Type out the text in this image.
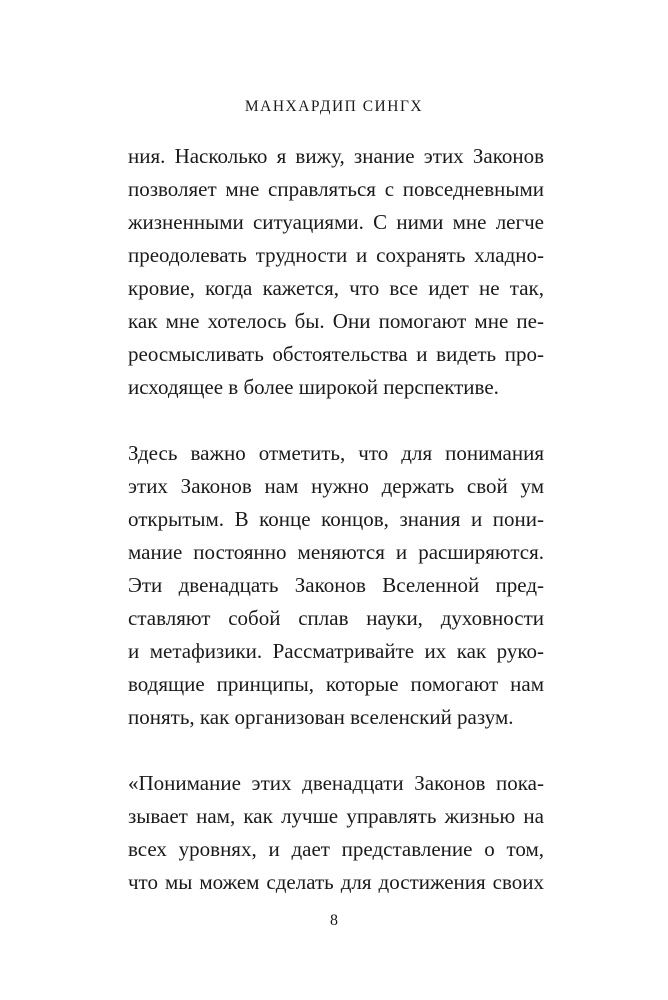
МАНХАРДИП СИНГХ

ния. Насколько я вижу, знание этих Законов
позволяет мне справляться с повседневными
жизненными ситуациями. С ними мне легче
преодолевать трудности и сохранять хладно-
кровие, когда кажется, что все идет не так,
как мне хотелось бы. Они помогают мне пе-
реосмысливать обстоятельства и видеть про-
исходящее в более широкой перспективе.

Здесь важно отметить, что для понимания
этих Законов нам нужно держать свой ум
открытым. В конце концов, знания и пони-
мание постоянно меняются и расширяются.
Эти двенадцать Законов Вселенной пред-
ставляют собой сплав науки, духовности
и метафизики. Рассматривайте их как руко-
водящие принципы, которые помогают нам
понять, как организован вселенский разум.

«Понимание этих двенадцати Законов пока-
зывает нам, как лучше управлять жизнью на
всех уровнях, и дает представление о том,
что мы можем сделать для достижения своих

8
